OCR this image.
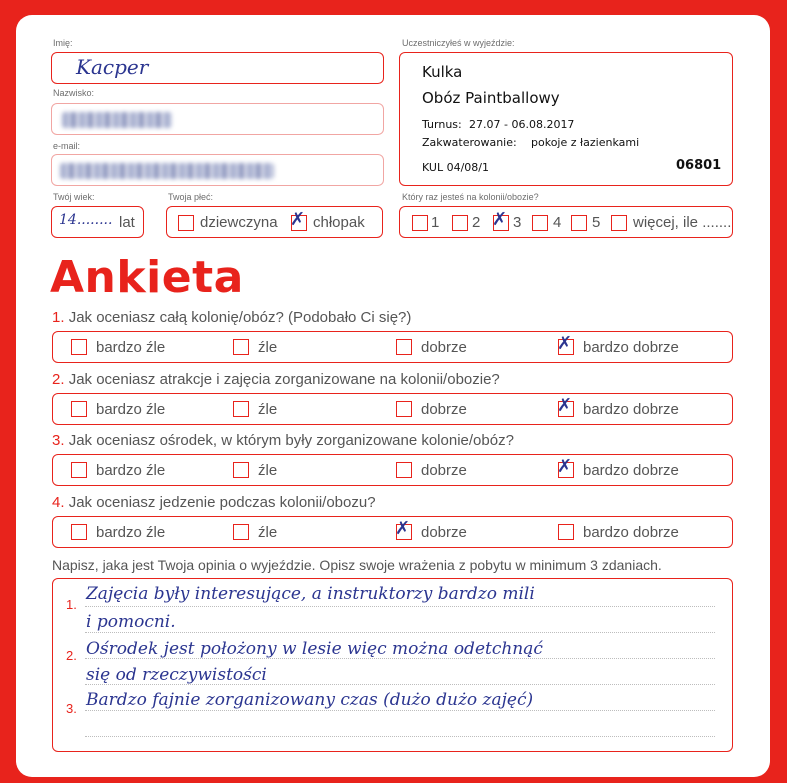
Imię:
Kacper
Nazwisko:
e-mail:
Twój wiek:
14........ lat
Twoja płeć:
dziewczyna ✗ chłopak
Uczestniczyłeś w wyjeździe:
Kulka
Obóz Paintballowy
Turnus: 27.07 - 06.08.2017
Zakwaterowanie: pokoje z łazienkami
KUL 04/08/1	06801
Który raz jesteś na kolonii/obozie?
1 2 ✗ 3 4 5 więcej, ile .......
Ankieta
1. Jak oceniasz całą kolonię/obóz? (Podobało Ci się?)
bardzo źle	źle	dobrze	✗ bardzo dobrze
2. Jak oceniasz atrakcje i zajęcia zorganizowane na kolonii/obozie?
bardzo źle	źle	dobrze	✗ bardzo dobrze
3. Jak oceniasz ośrodek, w którym były zorganizowane kolonie/obóz?
bardzo źle	źle	dobrze	✗ bardzo dobrze
4. Jak oceniasz jedzenie podczas kolonii/obozu?
bardzo źle	źle	✗ dobrze	bardzo dobrze
Napisz, jaka jest Twoja opinia o wyjeździe. Opisz swoje wrażenia z pobytu w minimum 3 zdaniach.
1.
2.
3.
Zajęcia były interesujące, a instruktorzy bardzo mili
i pomocni.
Ośrodek jest położony w lesie więc można odetchnąć
się od rzeczywistości
Bardzo fajnie zorganizowany czas (dużo dużo zajęć)
